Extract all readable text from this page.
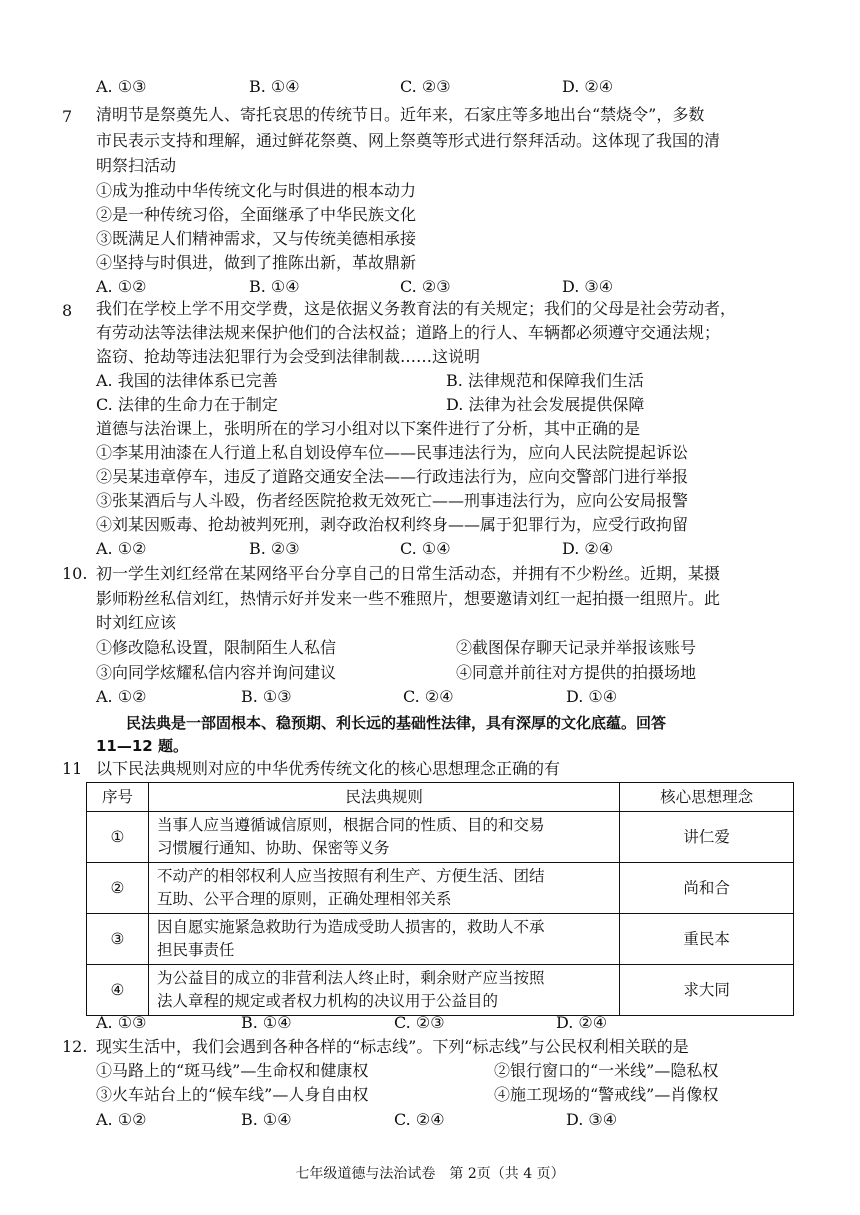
A. ①③	B. ①④	C. ②③	D. ②④
7 清明节是祭奠先人、寄托哀思的传统节日。近年来，石家庄等多地出台“禁烧令”，多数
市民表示支持和理解，通过鲜花祭奠、网上祭奠等形式进行祭拜活动。这体现了我国的清
明祭扫活动
①成为推动中华传统文化与时俱进的根本动力
②是一种传统习俗，全面继承了中华民族文化
③既满足人们精神需求，又与传统美德相承接
④坚持与时俱进，做到了推陈出新，革故鼎新
A. ①②	B. ①④	C. ②③	D. ③④
8 我们在学校上学不用交学费，这是依据义务教育法的有关规定；我们的父母是社会劳动者，
有劳动法等法律法规来保护他们的合法权益；道路上的行人、车辆都必须遵守交通法规；
盗窃、抢劫等违法犯罪行为会受到法律制裁……这说明
A. 我国的法律体系已完善	B. 法律规范和保障我们生活
C. 法律的生命力在于制定	D. 法律为社会发展提供保障
道德与法治课上，张明所在的学习小组对以下案件进行了分析，其中正确的是
①李某用油漆在人行道上私自划设停车位——民事违法行为，应向人民法院提起诉讼
②吴某违章停车，违反了道路交通安全法——行政违法行为，应向交警部门进行举报
③张某酒后与人斗殴，伤者经医院抢救无效死亡——刑事违法行为，应向公安局报警
④刘某因贩毒、抢劫被判死刑，剥夺政治权利终身——属于犯罪行为，应受行政拘留
A. ①②	B. ②③	C. ①④	D. ②④
10. 初一学生刘红经常在某网络平台分享自己的日常生活动态，并拥有不少粉丝。近期，某摄
影师粉丝私信刘红，热情示好并发来一些不雅照片，想要邀请刘红一起拍摄一组照片。此
时刘红应该
①修改隐私设置，限制陌生人私信	②截图保存聊天记录并举报该账号
③向同学炫耀私信内容并询问建议	④同意并前往对方提供的拍摄场地
A. ①②	B. ①③	C. ②④	D. ①④
民法典是一部固根本、稳预期、利长远的基础性法律，具有深厚的文化底蕴。回答
11—12 题。
11 以下民法典规则对应的中华优秀传统文化的核心思想理念正确的有
序号	民法典规则	核心思想理念
①	当事人应当遵循诚信原则，根据合同的性质、目的和交易
习惯履行通知、协助、保密等义务	讲仁爱
②	不动产的相邻权利人应当按照有利生产、方便生活、团结
互助、公平合理的原则，正确处理相邻关系	尚和合
③	因自愿实施紧急救助行为造成受助人损害的，救助人不承
担民事责任	重民本
④	为公益目的成立的非营利法人终止时，剩余财产应当按照
法人章程的规定或者权力机构的决议用于公益目的	求大同
A. ①③	B. ①④	C. ②③	D. ②④
12. 现实生活中，我们会遇到各种各样的“标志线”。下列“标志线”与公民权利相关联的是
①马路上的“斑马线”—生命权和健康权	②银行窗口的“一米线”—隐私权
③火车站台上的“候车线”—人身自由权	④施工现场的“警戒线”—肖像权
A. ①②	B. ①④	C. ②④	D. ③④
七年级道德与法治试卷　第 2页（共 4 页）
